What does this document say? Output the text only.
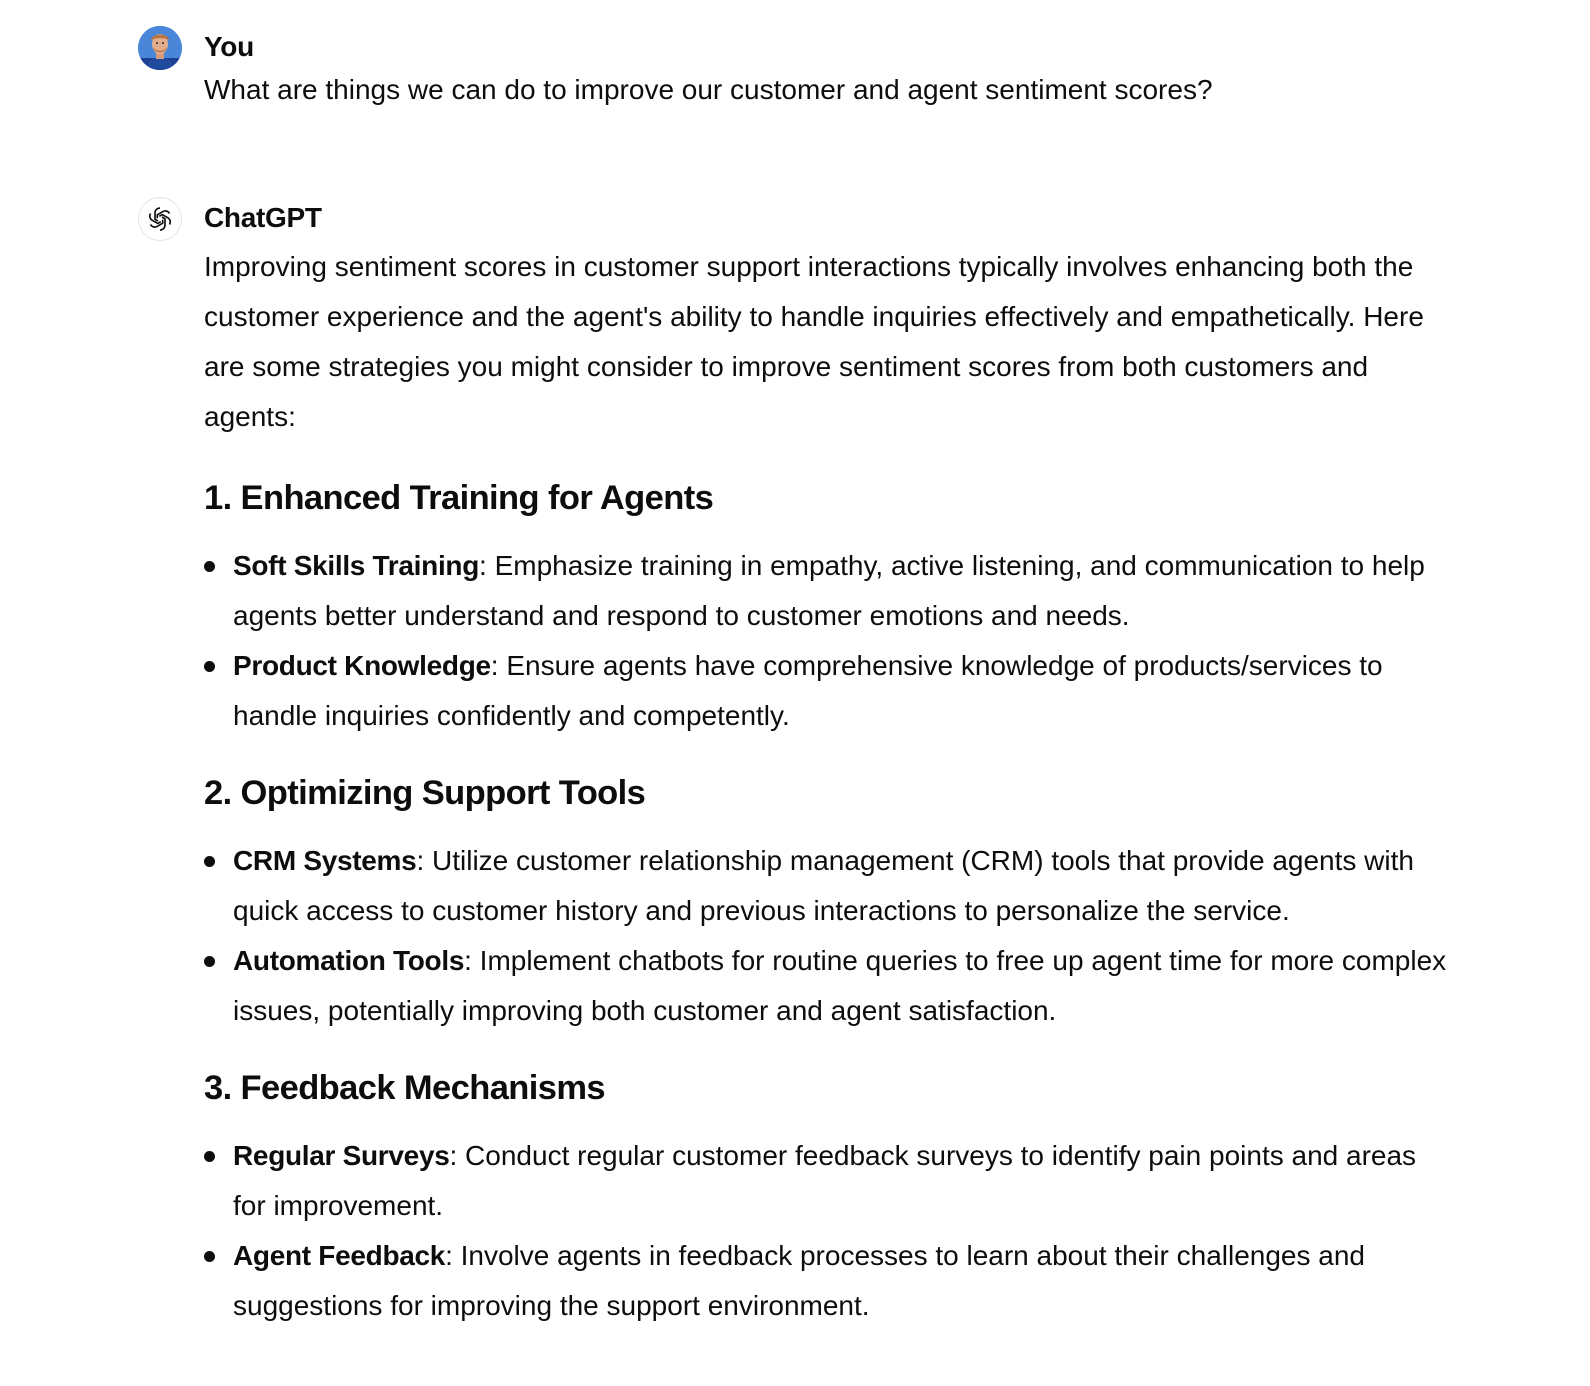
You
What are things we can do to improve our customer and agent sentiment scores?
ChatGPT

Improving sentiment scores in customer support interactions typically involves enhancing both the customer experience and the agent's ability to handle inquiries effectively and empathetically. Here are some strategies you might consider to improve sentiment scores from both customers and agents:

1. Enhanced Training for Agents
Soft Skills Training: Emphasize training in empathy, active listening, and communication to help agents better understand and respond to customer emotions and needs.
Product Knowledge: Ensure agents have comprehensive knowledge of products/services to handle inquiries confidently and competently.
2. Optimizing Support Tools
CRM Systems: Utilize customer relationship management (CRM) tools that provide agents with quick access to customer history and previous interactions to personalize the service.
Automation Tools: Implement chatbots for routine queries to free up agent time for more complex issues, potentially improving both customer and agent satisfaction.
3. Feedback Mechanisms
Regular Surveys: Conduct regular customer feedback surveys to identify pain points and areas for improvement.
Agent Feedback: Involve agents in feedback processes to learn about their challenges and suggestions for improving the support environment.
